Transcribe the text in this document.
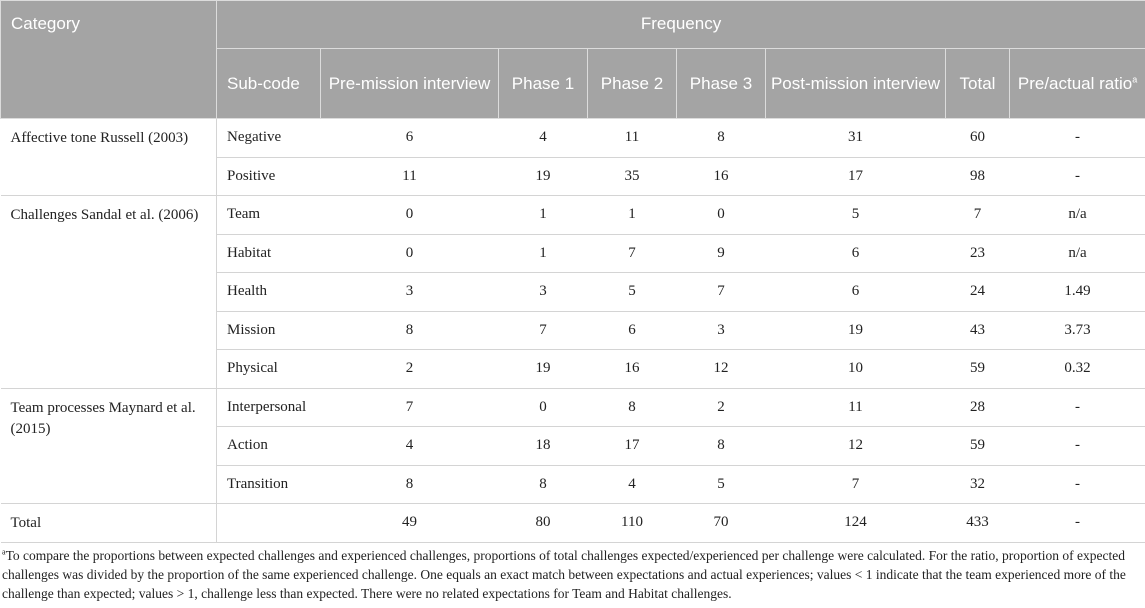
Category	Frequency							
	Sub-code	Pre-mission interview	Phase 1	Phase 2	Phase 3	Post-mission interview	Total	Pre/actual ratio$^a$
Affective tone Russell (2003)	Negative	6	4	11	8	31	60	-
	Positive	11	19	35	16	17	98	-
Challenges Sandal et al. (2006)	Team	0	1	1	0	5	7	n/a
	Habitat	0	1	7	9	6	23	n/a
	Health	3	3	5	7	6	24	1.49
	Mission	8	7	6	3	19	43	3.73
	Physical	2	19	16	12	10	59	0.32
Team processes Maynard et al. (2015)	Interpersonal	7	0	8	2	11	28	-
	Action	4	18	17	8	12	59	-
	Transition	8	8	4	5	7	32	-
Total		49	80	110	70	124	433	-
$^a$To compare the proportions between expected challenges and experienced challenges, proportions of total challenges expected/experienced per challenge were calculated. For the ratio, proportion of expected challenges was divided by the proportion of the same experienced challenge. One equals an exact match between expectations and actual experiences; values < 1 indicate that the team experienced more of the challenge than expected; values > 1, challenge less than expected. There were no related expectations for Team and Habitat challenges.
